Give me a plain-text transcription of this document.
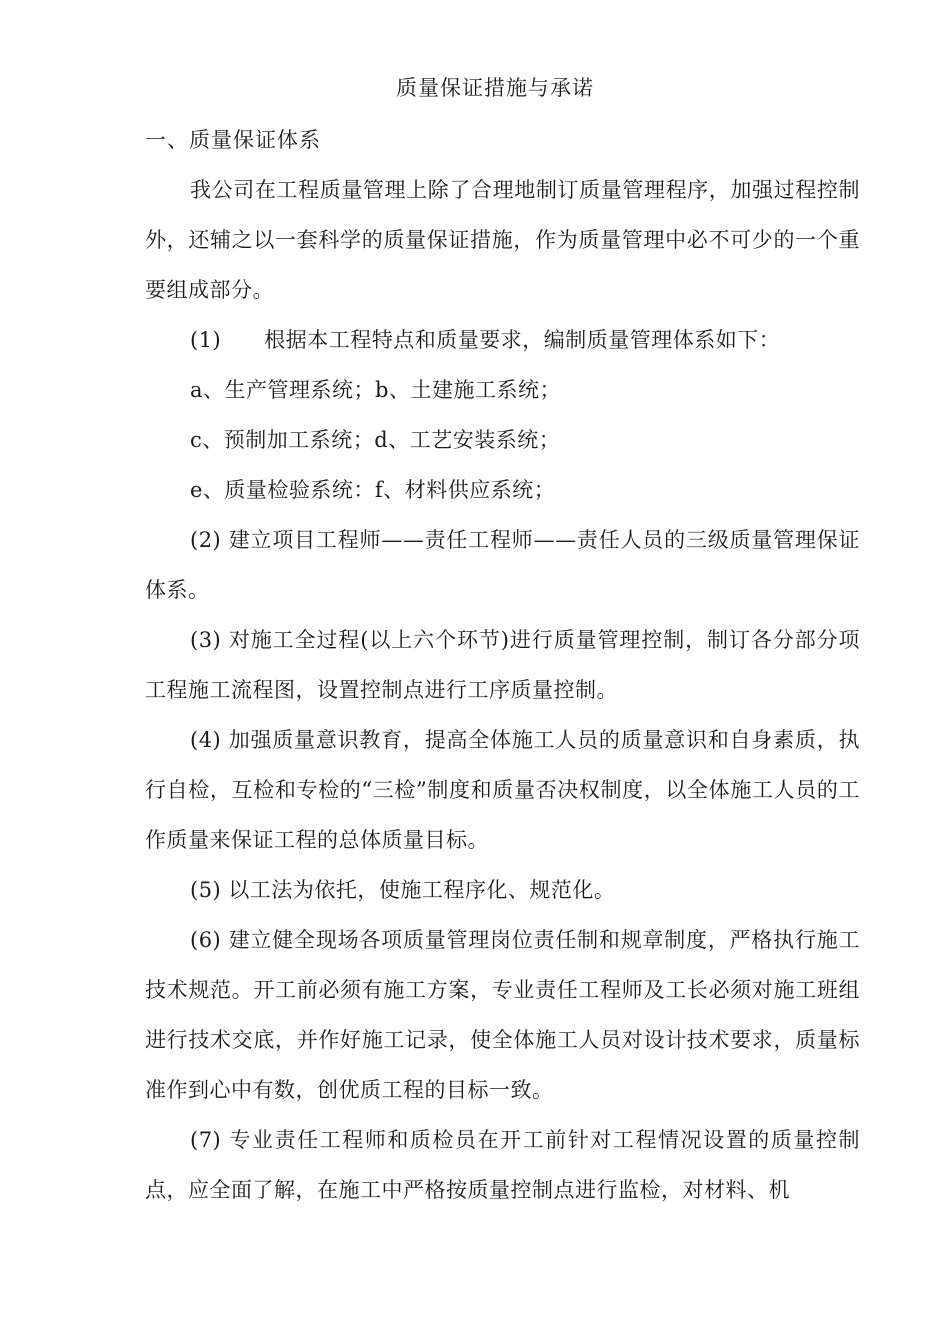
质量保证措施与承诺
一、质量保证体系

我公司在工程质量管理上除了合理地制订质量管理程序，加强过程控制外，还辅之以一套科学的质量保证措施，作为质量管理中必不可少的一个重要组成部分。

(1)　　根据本工程特点和质量要求，编制质量管理体系如下：

a、生产管理系统；b、土建施工系统；

c、预制加工系统；d、工艺安装系统；

e、质量检验系统：f、材料供应系统；

(2) 建立项目工程师——责任工程师——责任人员的三级质量管理保证体系。

(3) 对施工全过程(以上六个环节)进行质量管理控制，制订各分部分项工程施工流程图，设置控制点进行工序质量控制。

(4) 加强质量意识教育，提高全体施工人员的质量意识和自身素质，执行自检，互检和专检的“三检”制度和质量否决权制度，以全体施工人员的工作质量来保证工程的总体质量目标。

(5) 以工法为依托，使施工程序化、规范化。

(6) 建立健全现场各项质量管理岗位责任制和规章制度，严格执行施工技术规范。开工前必须有施工方案，专业责任工程师及工长必须对施工班组进行技术交底，并作好施工记录，使全体施工人员对设计技术要求，质量标准作到心中有数，创优质工程的目标一致。

(7) 专业责任工程师和质检员在开工前针对工程情况设置的质量控制点，应全面了解，在施工中严格按质量控制点进行监检，对材料、机
